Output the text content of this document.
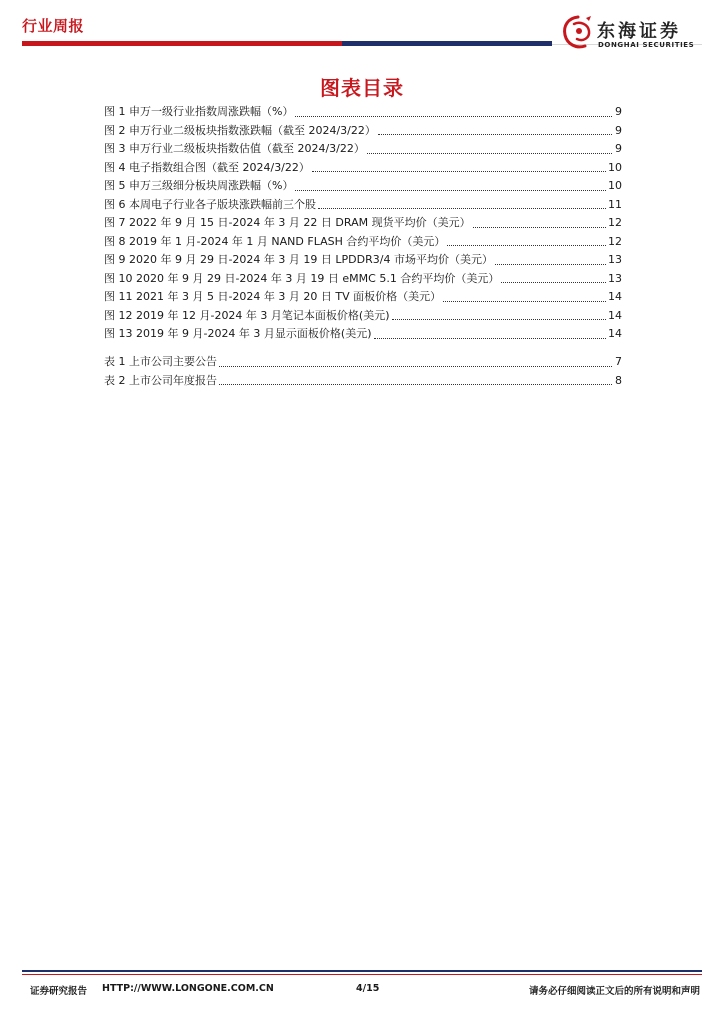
行业周报	东海证券
DONGHAI SECURITIES
图表目录
图 1 申万一级行业指数周涨跌幅（%）	9
图 2 申万行业二级板块指数涨跌幅（截至 2024/3/22）	9
图 3 申万行业二级板块指数估值（截至 2024/3/22）	9
图 4 电子指数组合图（截至 2024/3/22）	10
图 5 申万三级细分板块周涨跌幅（%）	10
图 6 本周电子行业各子版块涨跌幅前三个股	11
图 7 2022 年 9 月 15 日-2024 年 3 月 22 日 DRAM 现货平均价（美元）	12
图 8 2019 年 1 月-2024 年 1 月 NAND FLASH 合约平均价（美元）	12
图 9 2020 年 9 月 29 日-2024 年 3 月 19 日 LPDDR3/4 市场平均价（美元）	13
图 10 2020 年 9 月 29 日-2024 年 3 月 19 日 eMMC 5.1 合约平均价（美元）	13
图 11 2021 年 3 月 5 日-2024 年 3 月 20 日 TV 面板价格（美元）	14
图 12 2019 年 12 月-2024 年 3 月笔记本面板价格(美元)	14
图 13 2019 年 9 月-2024 年 3 月显示面板价格(美元)	14
表 1 上市公司主要公告	7
表 2 上市公司年度报告	8
证券研究报告 HTTP://WWW.LONGONE.COM.CN	4/15	请务必仔细阅读正文后的所有说明和声明
